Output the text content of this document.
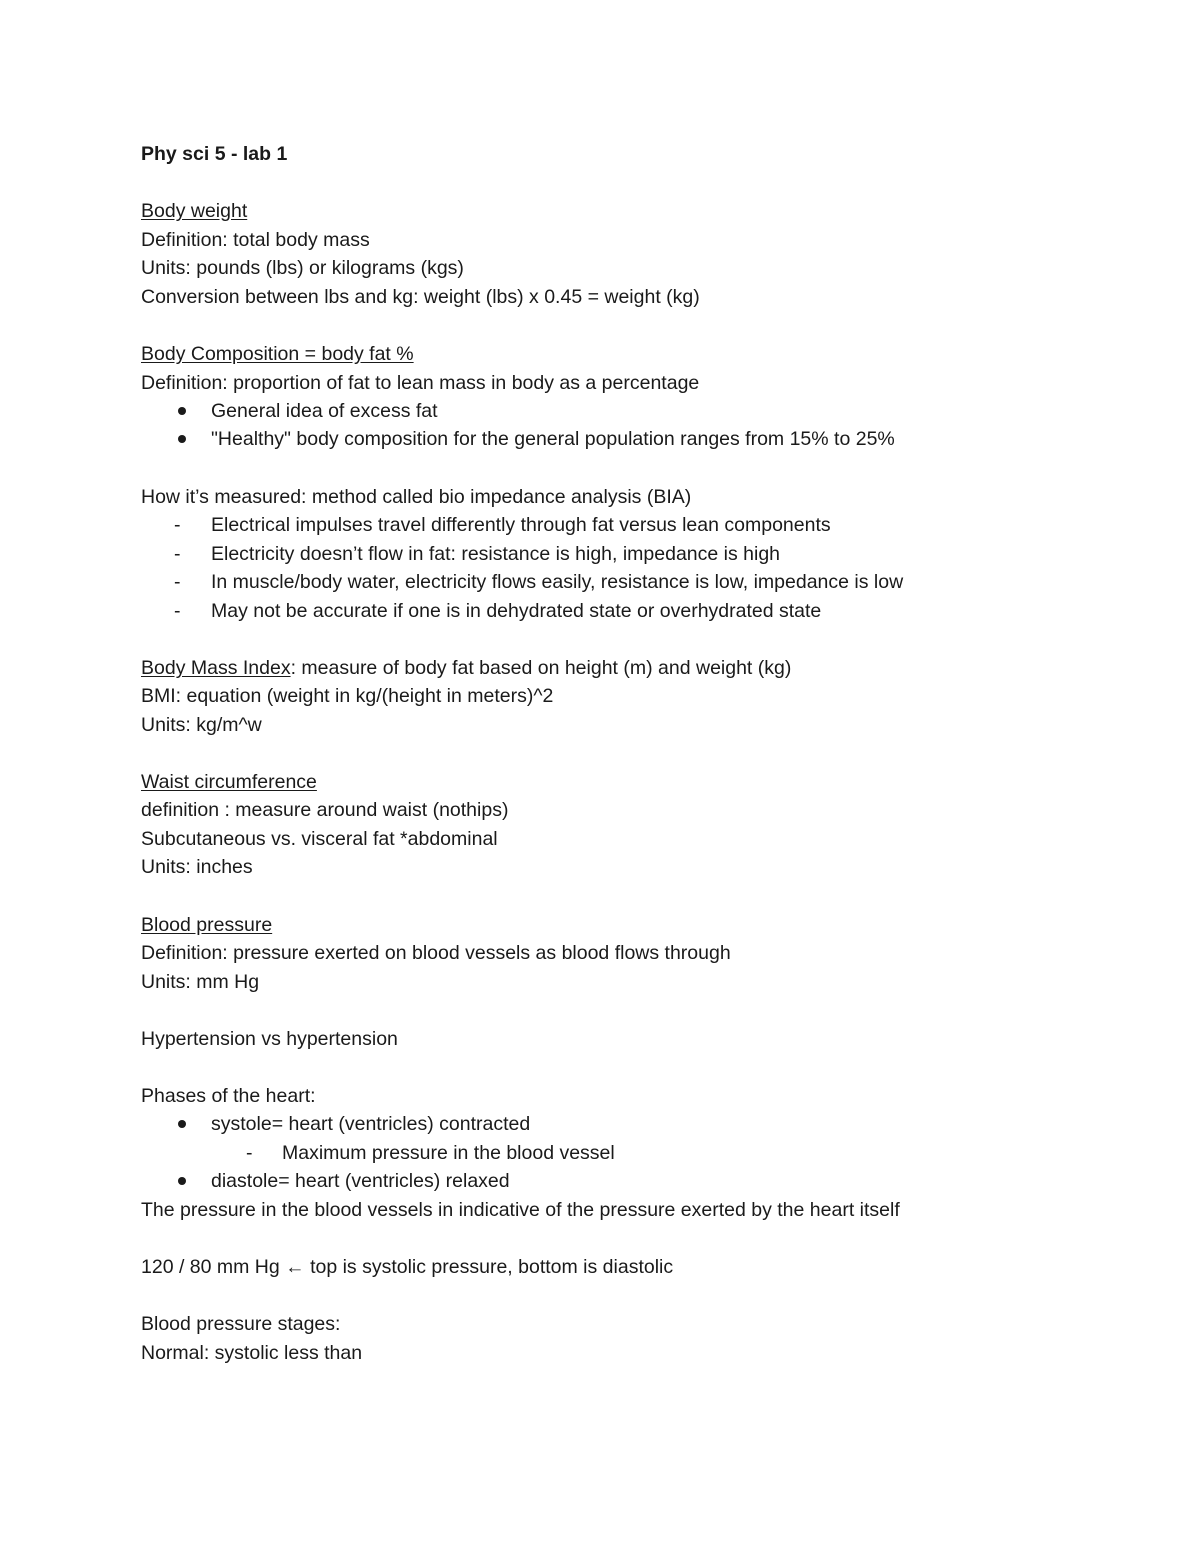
Phy sci 5 - lab 1
Body weight
Definition: total body mass
Units: pounds (lbs) or kilograms (kgs)
Conversion between lbs and kg: weight (lbs) x 0.45 = weight (kg)
Body Composition = body fat %
Definition: proportion of fat to lean mass in body as a percentage
General idea of excess fat
"Healthy" body composition for the general population ranges from 15% to 25%
How it’s measured: method called bio impedance analysis (BIA)
- Electrical impulses travel differently through fat versus lean components
- Electricity doesn’t flow in fat: resistance is high, impedance is high
- In muscle/body water, electricity flows easily, resistance is low, impedance is low
- May not be accurate if one is in dehydrated state or overhydrated state
Body Mass Index: measure of body fat based on height (m) and weight (kg)
BMI: equation (weight in kg/(height in meters)^2
Units: kg/m^w
Waist circumference
definition : measure around waist (nothips)
Subcutaneous vs. visceral fat *abdominal
Units: inches
Blood pressure
Definition: pressure exerted on blood vessels as blood flows through
Units: mm Hg
Hypertension vs hypertension
Phases of the heart:
systole= heart (ventricles) contracted
- Maximum pressure in the blood vessel
diastole= heart (ventricles) relaxed
The pressure in the blood vessels in indicative of the pressure exerted by the heart itself
120 / 80 mm Hg ← top is systolic pressure, bottom is diastolic
Blood pressure stages:
Normal: systolic less than
